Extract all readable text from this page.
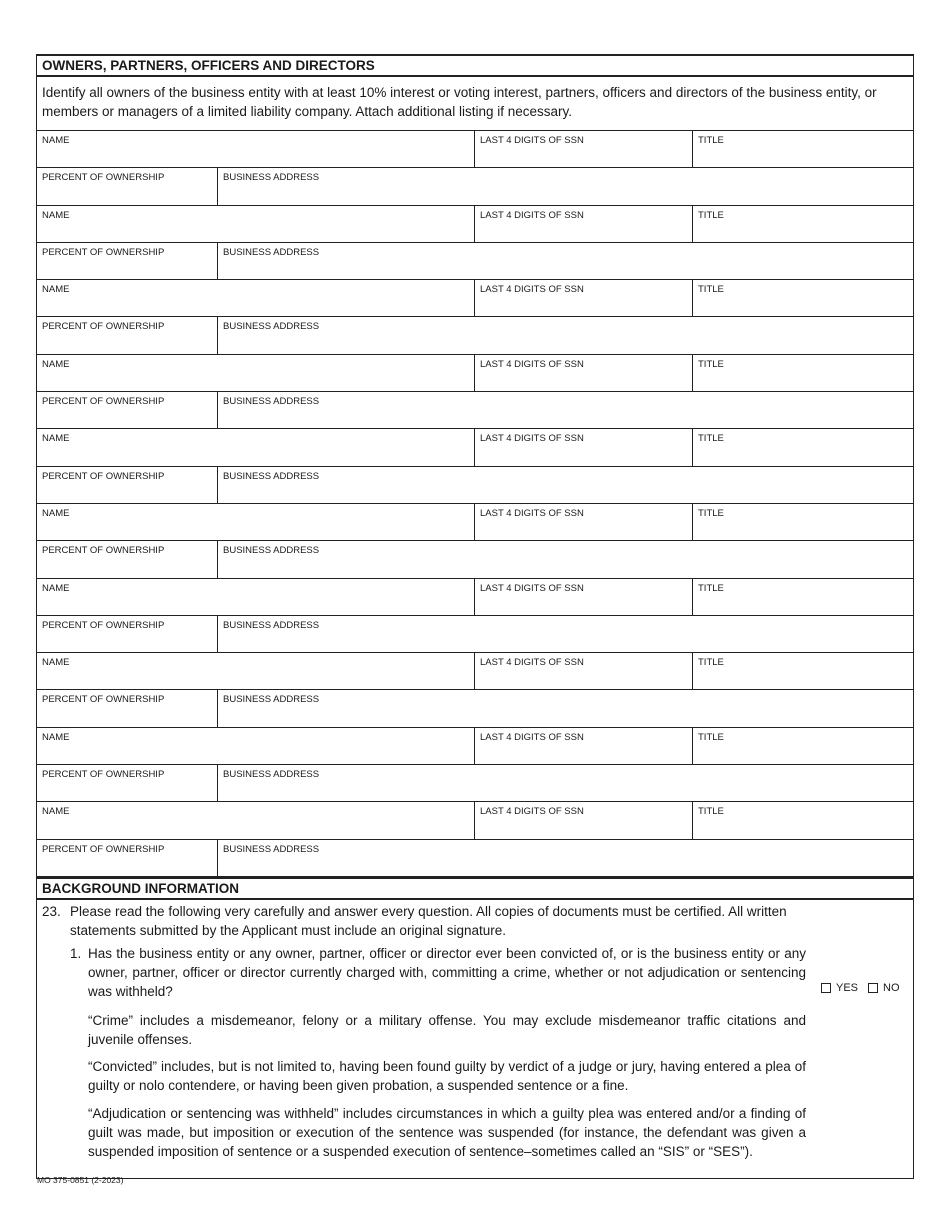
OWNERS, PARTNERS, OFFICERS AND DIRECTORS
Identify all owners of the business entity with at least 10% interest or voting interest, partners, officers and directors of the business entity, or members or managers of a limited liability company. Attach additional listing if necessary.
NAME	LAST 4 DIGITS OF SSN	TITLE
PERCENT OF OWNERSHIP	BUSINESS ADDRESS
NAME	LAST 4 DIGITS OF SSN	TITLE
PERCENT OF OWNERSHIP	BUSINESS ADDRESS
NAME	LAST 4 DIGITS OF SSN	TITLE
PERCENT OF OWNERSHIP	BUSINESS ADDRESS
NAME	LAST 4 DIGITS OF SSN	TITLE
PERCENT OF OWNERSHIP	BUSINESS ADDRESS
NAME	LAST 4 DIGITS OF SSN	TITLE
PERCENT OF OWNERSHIP	BUSINESS ADDRESS
NAME	LAST 4 DIGITS OF SSN	TITLE
PERCENT OF OWNERSHIP	BUSINESS ADDRESS
NAME	LAST 4 DIGITS OF SSN	TITLE
PERCENT OF OWNERSHIP	BUSINESS ADDRESS
NAME	LAST 4 DIGITS OF SSN	TITLE
PERCENT OF OWNERSHIP	BUSINESS ADDRESS
NAME	LAST 4 DIGITS OF SSN	TITLE
PERCENT OF OWNERSHIP	BUSINESS ADDRESS
NAME	LAST 4 DIGITS OF SSN	TITLE
PERCENT OF OWNERSHIP	BUSINESS ADDRESS
BACKGROUND INFORMATION
23. Please read the following very carefully and answer every question. All copies of documents must be certified. All written statements submitted by the Applicant must include an original signature.
1. Has the business entity or any owner, partner, officer or director ever been convicted of, or is the business entity or any owner, partner, officer or director currently charged with, committing a crime, whether or not adjudication or sentencing was withheld?	YES NO
“Crime” includes a misdemeanor, felony or a military offense. You may exclude misdemeanor traffic citations and juvenile offenses.
“Convicted” includes, but is not limited to, having been found guilty by verdict of a judge or jury, having entered a plea of guilty or nolo contendere, or having been given probation, a suspended sentence or a fine.
“Adjudication or sentencing was withheld” includes circumstances in which a guilty plea was entered and/or a finding of guilt was made, but imposition or execution of the sentence was suspended (for instance, the defendant was given a suspended imposition of sentence or a suspended execution of sentence–sometimes called an “SIS” or “SES”).
MO 375-0851 (2-2023)
